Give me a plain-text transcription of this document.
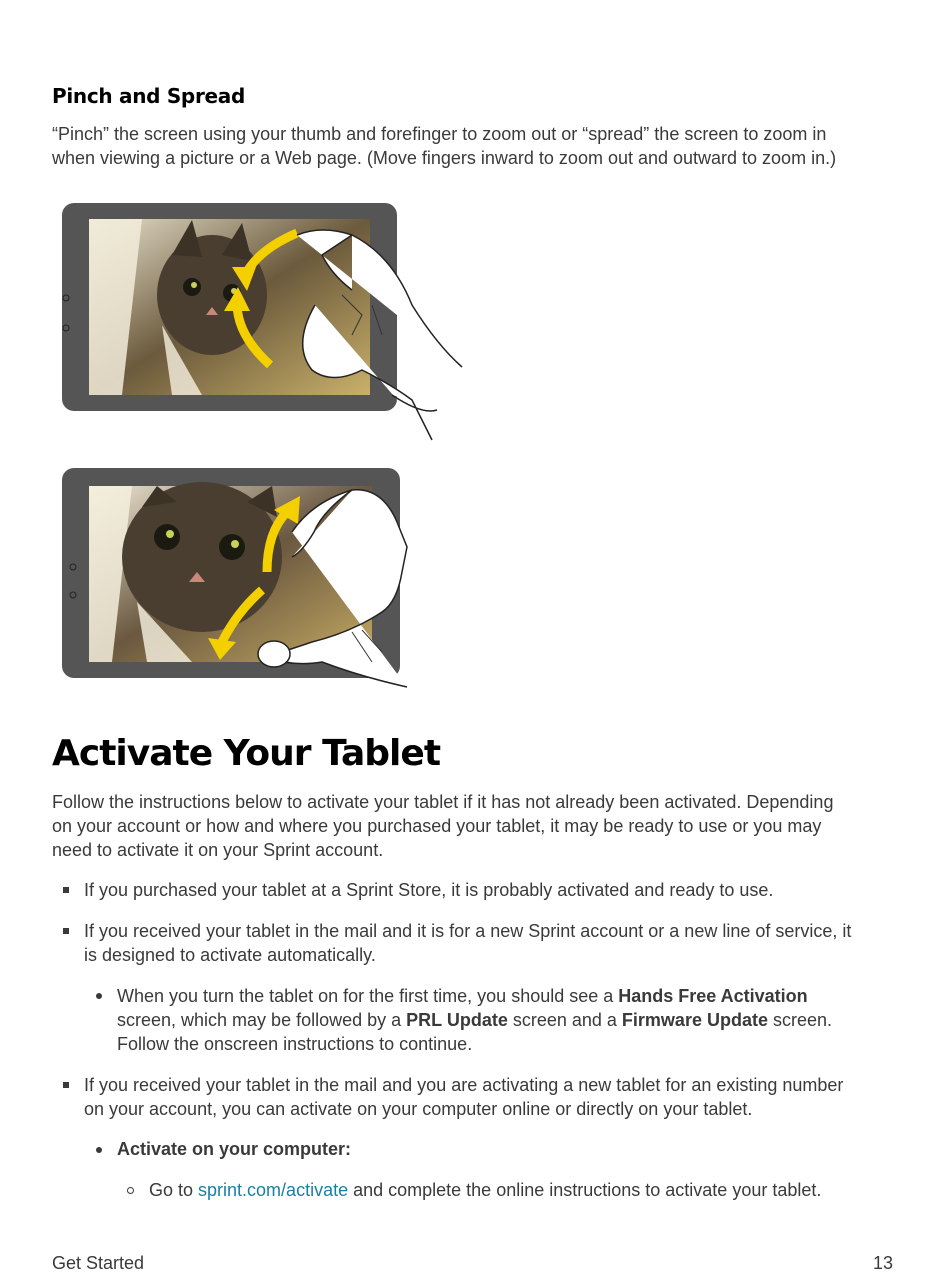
Pinch and Spread
“Pinch” the screen using your thumb and forefinger to zoom out or “spread” the screen to zoom in
when viewing a picture or a Web page. (Move fingers inward to zoom out and outward to zoom in.)
Activate Your Tablet
Follow the instructions below to activate your tablet if it has not already been activated. Depending
on your account or how and where you purchased your tablet, it may be ready to use or you may
need to activate it on your Sprint account.
If you purchased your tablet at a Sprint Store, it is probably activated and ready to use.
If you received your tablet in the mail and it is for a new Sprint account or a new line of service, it
is designed to activate automatically.
When you turn the tablet on for the first time, you should see a Hands Free Activation
screen, which may be followed by a PRL Update screen and a Firmware Update screen.
Follow the onscreen instructions to continue.
If you received your tablet in the mail and you are activating a new tablet for an existing number
on your account, you can activate on your computer online or directly on your tablet.
Activate on your computer:
Go to sprint.com/activate and complete the online instructions to activate your tablet.
Get Started	13
